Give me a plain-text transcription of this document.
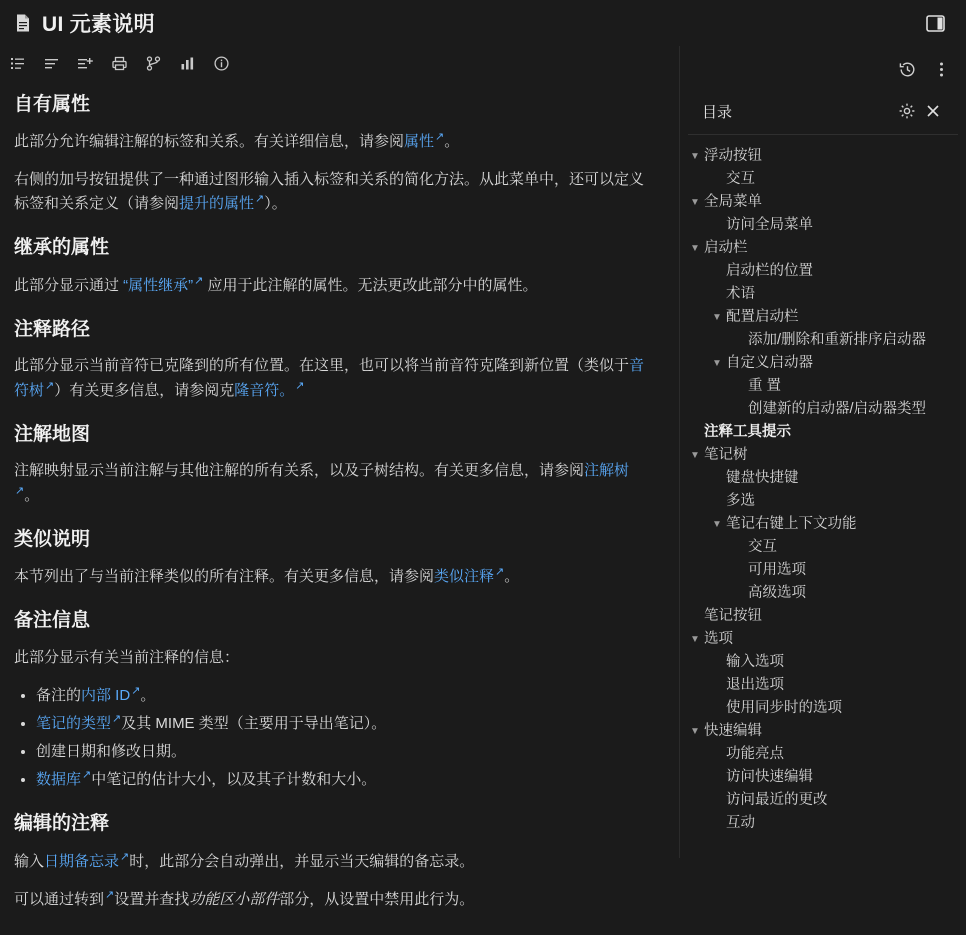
UI 元素说明
自有属性

此部分允许编辑注解的标签和关系。有关详细信息，请参阅属性 ↗ 。

右侧的加号按钮提供了一种通过图形输入插入标签和关系的简化方法。从此菜单中，还可以定义标签和关系定义（请参阅提升的属性 ↗ ）。

继承的属性

此部分显示通过 “属性继承” ↗ 应用于此注解的属性。无法更改此部分中的属性。

注释路径

此部分显示当前音符已克隆到的所有位置。在这里，也可以将当前音符克隆到新位置（类似于音符树 ↗ ）有关更多信息，请参阅克隆音符。 ↗

注解地图

注解映射显示当前注解与其他注解的所有关系，以及子树结构。有关更多信息，请参阅注解树 ↗。

类似说明

本节列出了与当前注释类似的所有注释。有关更多信息，请参阅类似注释 ↗ 。

备注信息

此部分显示有关当前注释的信息：

• 备注的内部 ID ↗ 。
• 笔记的类型 ↗ 及其 MIME 类型（主要用于导出笔记）。
• 创建日期和修改日期。
• 数据库 ↗ 中笔记的估计大小，以及其子计数和大小。
编辑的注释

输入日期备忘录 ↗ 时，此部分会自动弹出，并显示当天编辑的备忘录。

可以通过转到 ↗ 设置并查找功能区小部件部分，从设置中禁用此行为。

目录
▼ 浮动按钮
交互
▼ 全局菜单
访问全局菜单
▼ 启动栏
启动栏的位置
术语
▼ 配置启动栏
添加/删除和重新排序启动器
▼ 自定义启动器
重 置
创建新的启动器/启动器类型
注释工具提示
▼ 笔记树
键盘快捷键
多选
▼ 笔记右键上下文功能
交互
可用选项
高级选项
笔记按钮
▼ 选项
输入选项
退出选项
使用同步时的选项
▼ 快速编辑
功能亮点
访问快速编辑
访问最近的更改
互动
